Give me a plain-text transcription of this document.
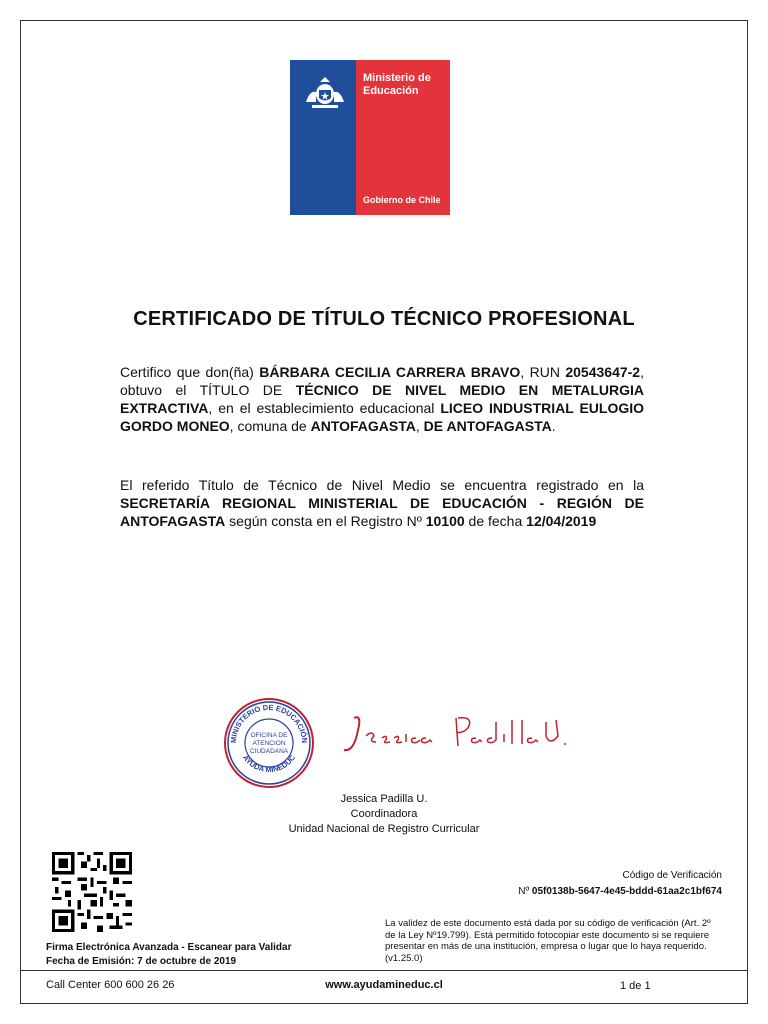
Ministerio de
Educación
Gobierno de Chile
CERTIFICADO DE TÍTULO TÉCNICO PROFESIONAL
Certifico que don(ña) BÁRBARA CECILIA CARRERA BRAVO, RUN 20543647-2, obtuvo el TÍTULO DE TÉCNICO DE NIVEL MEDIO EN METALURGIA EXTRACTIVA, en el establecimiento educacional LICEO INDUSTRIAL EULOGIO GORDO MONEO, comuna de ANTOFAGASTA, DE ANTOFAGASTA.
El referido Título de Técnico de Nivel Medio se encuentra registrado en la SECRETARÍA REGIONAL MINISTERIAL DE EDUCACIÓN - REGIÓN DE ANTOFAGASTA según consta en el Registro Nº 10100 de fecha 12/04/2019
MINISTERIO DE EDUCACIÓN
AYUDA MINEDUC
OFICINA DE
ATENCION
CIUDADANA
Jessica Padilla U.
Coordinadora
Unidad Nacional de Registro Curricular
Código de Verificación
Nº 05f0138b-5647-4e45-bddd-61aa2c1bf674
La validez de este documento está dada por su código de verificación (Art. 2º de la Ley Nº19.799). Está permitido fotocopiar este documento si se requiere presentar en más de una institución, empresa o lugar que lo haya requerido. (v1.25.0)
Firma Electrónica Avanzada - Escanear para Validar
Fecha de Emisión: 7 de octubre de 2019
Call Center 600 600 26 26	www.ayudamineduc.cl	1 de 1
